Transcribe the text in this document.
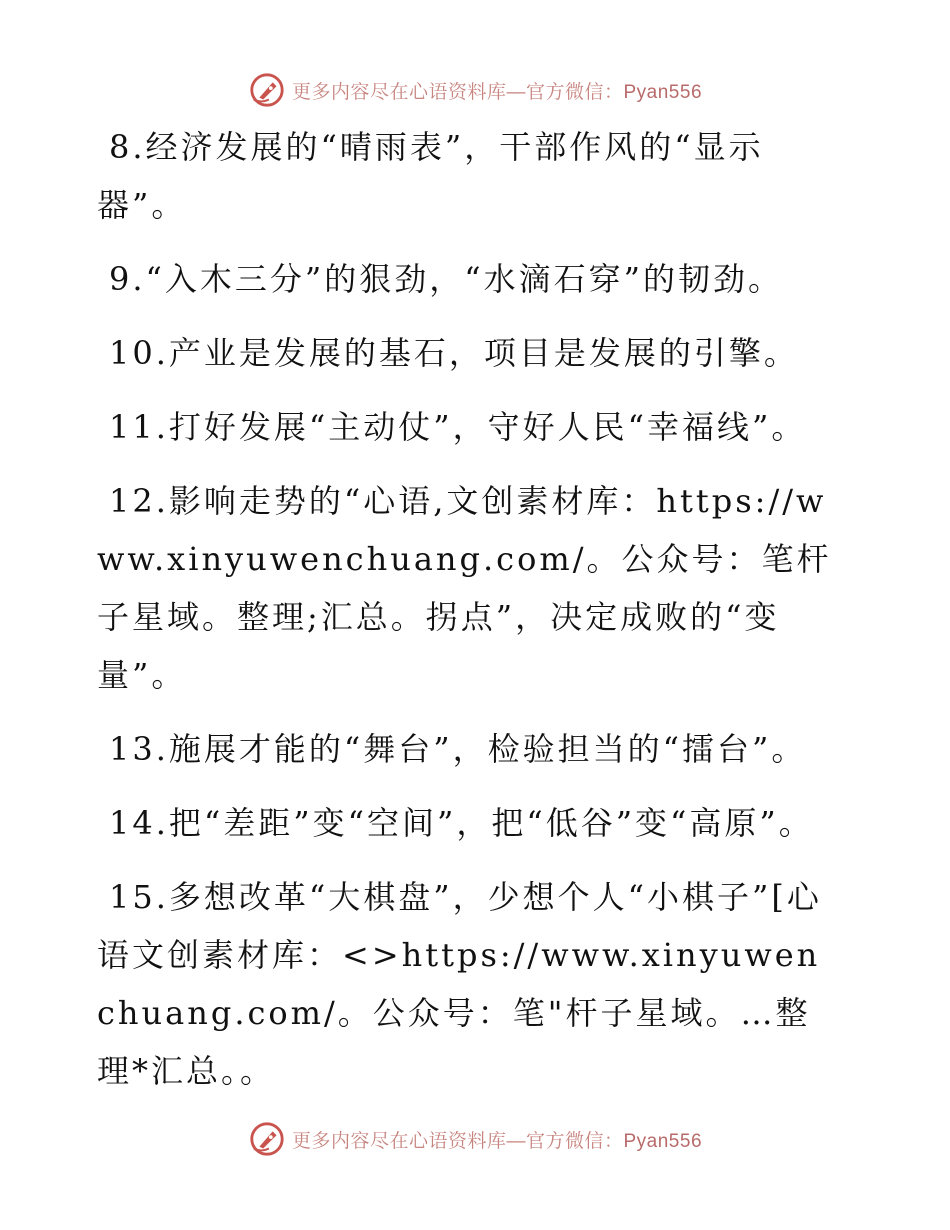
更多内容尽在心语资料库—官方微信：Pyan556

8.经济发展的“晴雨表”，干部作风的“显示器”。

9.“入木三分”的狠劲，“水滴石穿”的韧劲。

10.产业是发展的基石，项目是发展的引擎。

11.打好发展“主动仗”，守好人民“幸福线”。

12.影响走势的“心语,文创素材库：https://www.xinyuwenchuang.com/。公众号：笔杆子星域。整理;汇总。拐点”，决定成败的“变量”。

13.施展才能的“舞台”，检验担当的“擂台”。

14.把“差距”变“空间”，把“低谷”变“高原”。

15.多想改革“大棋盘”，少想个人“小棋子”[心语文创素材库：<>https://www.xinyuwenchuang.com/。公众号：笔"杆子星域。…整理*汇总。。

更多内容尽在心语资料库—官方微信：Pyan556
